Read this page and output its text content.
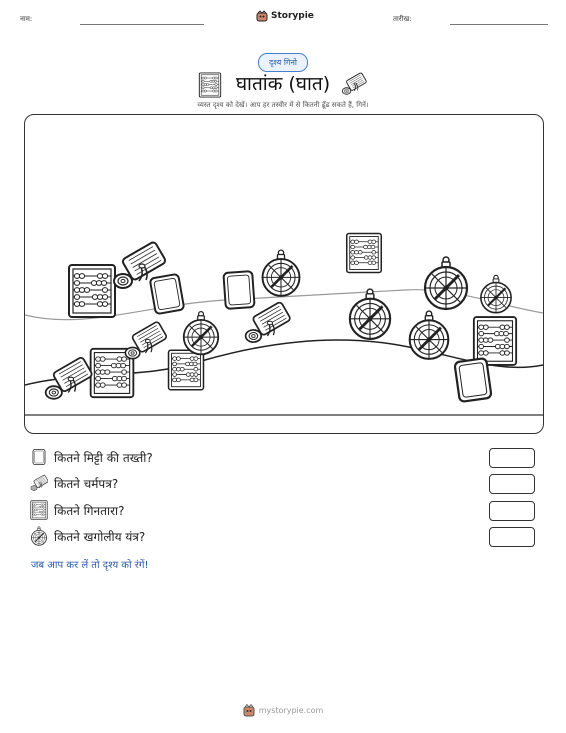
नाम:	Storypie	तारीख:
दृश्य गिनो
घातांक (घात)
व्यस्त दृश्य को देखें। आप हर तस्वीर में से कितनी ढूँढ सकते हैं, गिनें।
कितने मिट्टी की तख्ती?
कितने चर्मपत्र?
कितने गिनतारा?
कितने खगोलीय यंत्र?
जब आप कर लें तो दृश्य को रंगें!
mystorypie.com
